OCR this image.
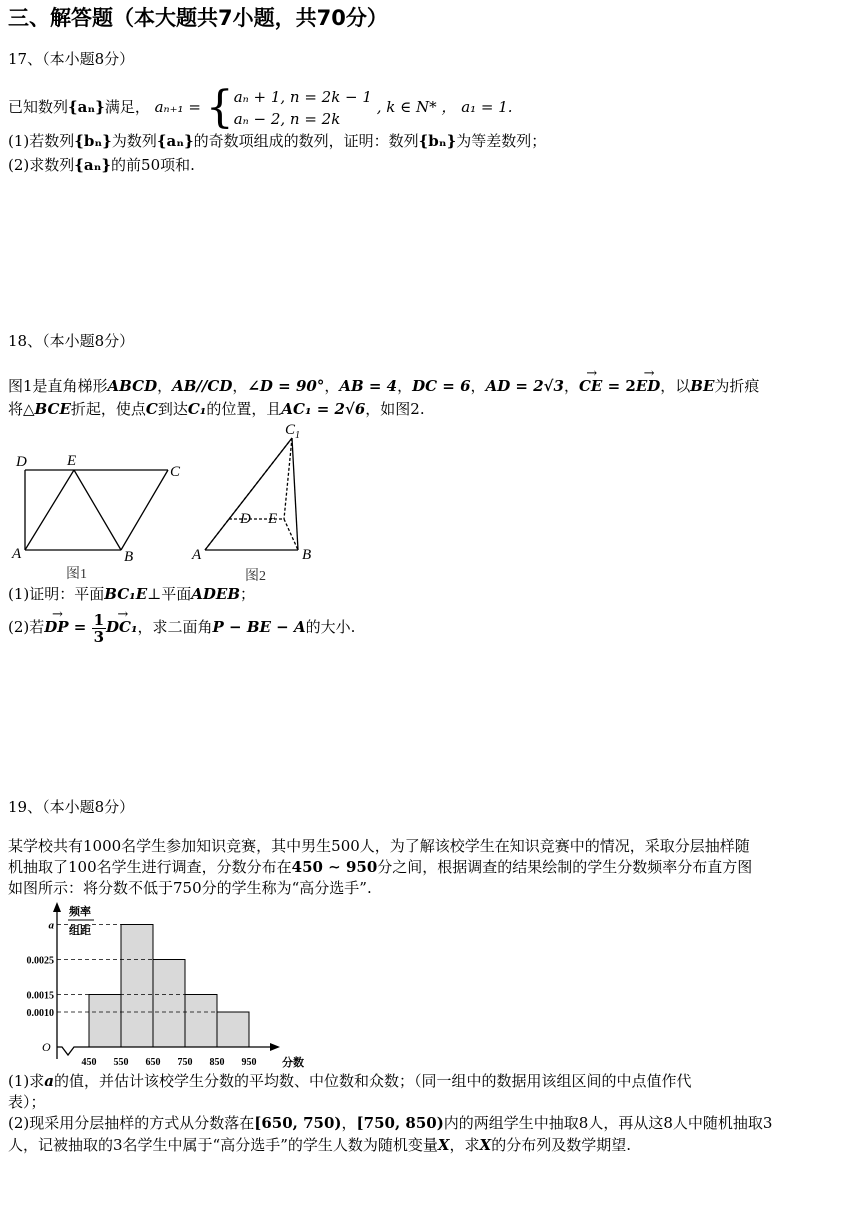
三、解答题（本大题共7小题，共70分）
17、（本小题8分）
已知数列{aₙ}满足， aₙ₊₁ = { aₙ + 1, n = 2k − 1
aₙ − 2, n = 2k
, k ∈ N* ， a₁ = 1.
(1)若数列{bₙ}为数列{aₙ}的奇数项组成的数列，证明：数列{bₙ}为等差数列；
(2)求数列{aₙ}的前50项和.
18、（本小题8分）
图1是直角梯形ABCD，AB//CD，∠D = 90°，AB = 4，DC = 6，AD = 2√3，→ CE = 2→ ED，以BE为折痕
将△BCE折起，使点C到达C₁的位置，且AC₁ = 2√6，如图2.
D	E
C
A	B
图1
$C_1$
D E
A	B
图2
(1)证明：平面BC₁E⊥平面ADEB；
(2)若→ DP = $\frac{1}{3}$
→ DC₁，求二面角P − BE − A的大小.
19、（本小题8分）
某学校共有1000名学生参加知识竞赛，其中男生500人，为了解该校学生在知识竞赛中的情况，采取分层抽样随
机抽取了100名学生进行调查，分数分布在450 ∼ 950分之间，根据调查的结果绘制的学生分数频率分布直方图
如图所示：将分数不低于750分的学生称为“高分选手”.
a
0.0025
0.0015
0.0010
450 550 650 750 850 950 分数
O
频率
组距
(1)求a的值，并估计该校学生分数的平均数、中位数和众数；（同一组中的数据用该组区间的中点值作代
表）；
(2)现采用分层抽样的方式从分数落在[650, 750)，[750, 850)内的两组学生中抽取8人，再从这8人中随机抽取3
人，记被抽取的3名学生中属于“高分选手”的学生人数为随机变量X，求X的分布列及数学期望.
